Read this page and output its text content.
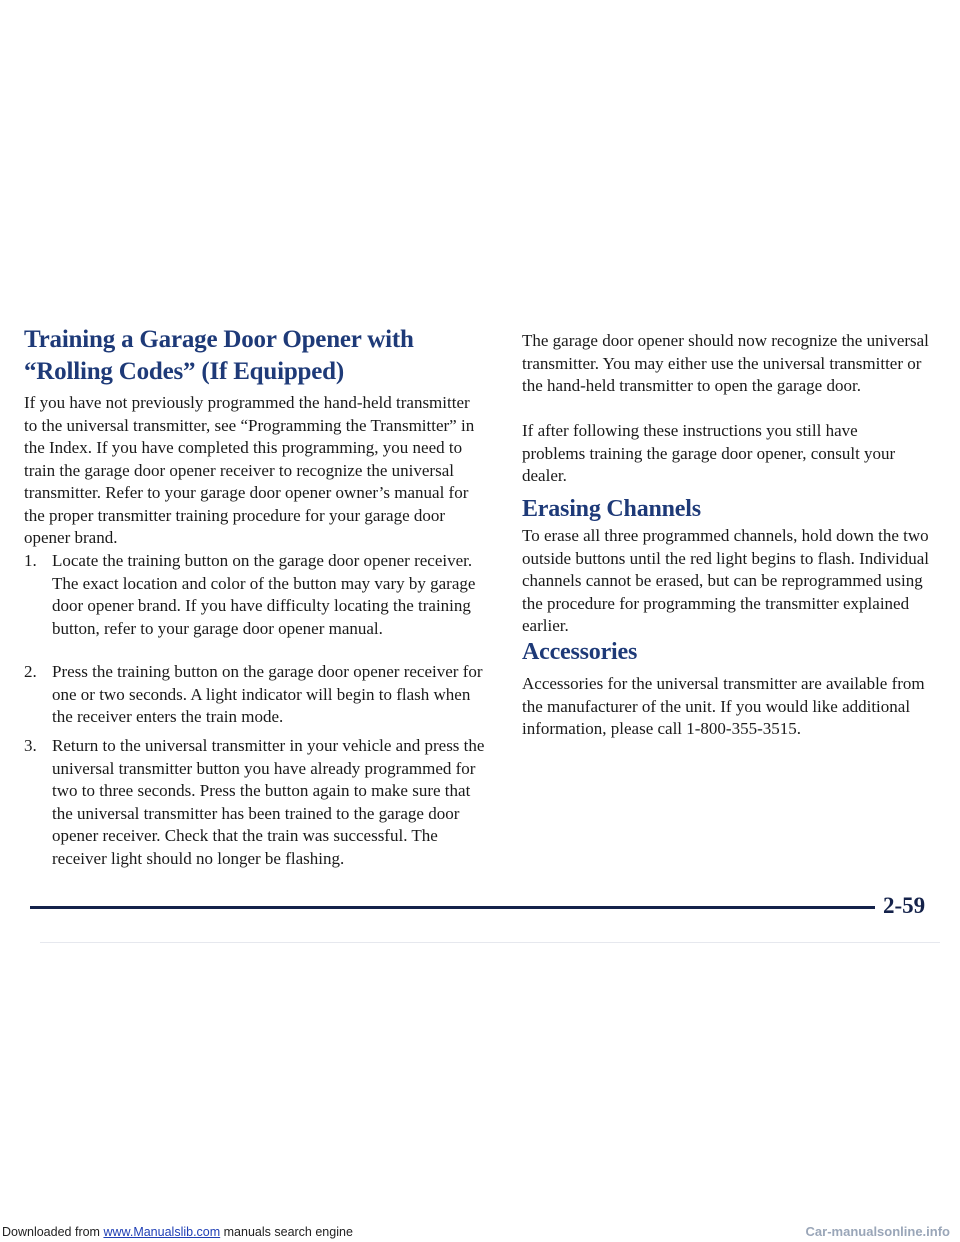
Training a Garage Door Opener with
“Rolling Codes” (If Equipped)

If you have not previously programmed the hand-held transmitter to the universal transmitter, see “Programming the Transmitter” in the Index. If you have completed this programming, you need to train the garage door opener receiver to recognize the universal transmitter. Refer to your garage door opener owner’s manual for the proper transmitter training procedure for your garage door opener brand.

1. Locate the training button on the garage door opener receiver. The exact location and color of the button may vary by garage door opener brand. If you have difficulty locating the training button, refer to your garage door opener manual.
2. Press the training button on the garage door opener receiver for one or two seconds. A light indicator will begin to flash when the receiver enters the train mode.
3. Return to the universal transmitter in your vehicle and press the universal transmitter button you have already programmed for two to three seconds. Press the button again to make sure that the universal transmitter has been trained to the garage door opener receiver. Check that the train was successful. The receiver light should no longer be flashing.

The garage door opener should now recognize the universal transmitter. You may either use the universal transmitter or the hand-held transmitter to open the garage door.

If after following these instructions you still have problems training the garage door opener, consult your dealer.

Erasing Channels

To erase all three programmed channels, hold down the two outside buttons until the red light begins to flash. Individual channels cannot be erased, but can be reprogrammed using the procedure for programming the transmitter explained earlier.

Accessories

Accessories for the universal transmitter are available from the manufacturer of the unit. If you would like additional information, please call 1-800-355-3515.

2-59
Downloaded from www.Manualslib.com manuals search engine	Car-manualsonline.info
